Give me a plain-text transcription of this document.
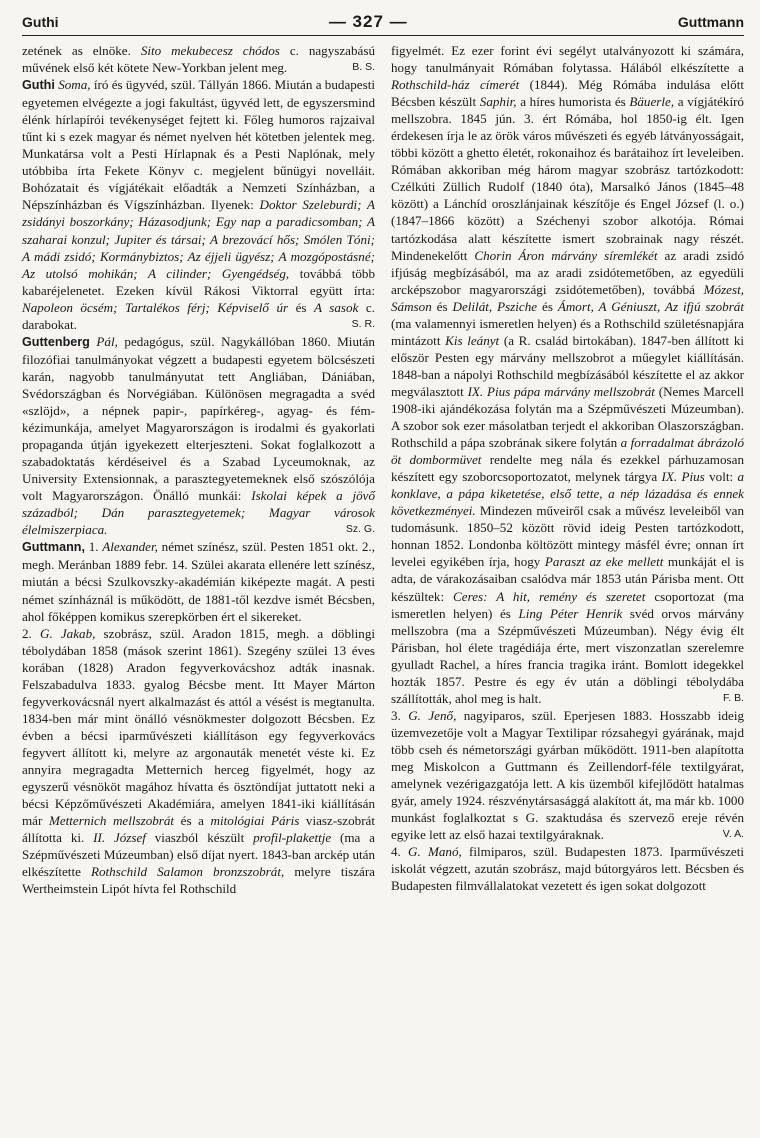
Guthi	— 327 —	Guttmann

zetének as elnöke. Sito mekubecesz chódos c. nagyszabású művének első két kötete New-Yorkban jelent meg.	B. S.

Guthi Soma, író és ügyvéd, szül. Tállyán 1866. Miután a budapesti egyetemen elvégezte a jogi fakultást, ügyvéd lett, de egyszersmind élénk hírlapírói tevékenységet fejtett ki. Főleg humoros rajzaival tűnt ki s ezek magyar és német nyelven hét kötetben jelentek meg. Munkatársa volt a Pesti Hírlapnak és a Pesti Naplónak, mely utóbbiba írta Fekete Könyv c. megjelent bűnügyi novelláit. Bohózatait és vígjátékait előadták a Nemzeti Színházban, a Népszínházban és Vígszínházban. Ilyenek: Doktor Szeleburdi; A zsidányi boszorkány; Házasodjunk; Egy nap a paradicsomban; A szaharai konzul; Jupiter és társai; A brezovácí hős; Smólen Tóni; A mádi zsidó; Kormánybiztos; Az éjjeli ügyész; A mozgópostásné; Az utolsó mohikán; A cilinder; Gyengédség, továbbá több kabaréjelenetet. Ezeken kívül Rákosi Viktorral együtt írta: Napoleon öcsém; Tartalékos férj; Képviselő úr és A sasok c. darabokat.	S. R.

Guttenberg Pál, pedagógus, szül. Nagykállóban 1860. Miután filozófiai tanulmányokat végzett a budapesti egyetem bölcsészeti karán, nagyobb tanulmányutat tett Angliában, Dániában, Svédországban és Norvégiában. Különösen megragadta a svéd «szlöjd», a népnek papir-, papírkéreg-, agyag- és fém-kézimunkája, amelyet Magyarországon is irodalmi és gyakorlati propaganda útján igyekezett elterjeszteni. Sokat foglalkozott a szabadoktatás kérdéseivel és a Szabad Lyceumoknak, az University Extensionnak, a parasztegyetemeknek első szószólója volt Magyarországon. Önálló munkái: Iskolai képek a jövő századból; Dán parasztegyetemek; Magyar városok élelmiszerpiaca.	Sz. G.

Guttmann, 1. Alexander, német színész, szül. Pesten 1851 okt. 2., megh. Meránban 1889 febr. 14. Szülei akarata ellenére lett színész, miután a bécsi Szulkovszky-akadémián kiképezte magát. A pesti német színháznál is működött, de 1881-től kezdve ismét Bécsben, ahol főképpen komikus szerepkörben ért el sikereket.

2. G. Jakab, szobrász, szül. Aradon 1815, megh. a döblingi tébolydában 1858 (mások szerint 1861). Szegény szülei 13 éves korában (1828) Aradon fegyverkovácshoz adták inasnak. Felszabadulva 1833. gyalog Bécsbe ment. Itt Mayer Márton fegyverkovácsnál nyert alkalmazást és attól a vésést is megtanulta. 1834-ben már mint önálló vésnökmester dolgozott Bécsben. Ez évben a bécsi iparművészeti kiállításon egy fegyverkovács fegyvert állított ki, melyre az argonauták menetét véste ki. Ez annyira megragadta Metternich herceg figyelmét, hogy az egyszerű vésnököt magához hívatta és ösztöndíjat juttatott neki a bécsi Képzőművészeti Akadémiára, amelyen 1841-iki kiállításán már Metternich mellszobrát és a mitológiai Páris viasz-szobrát állította ki. II. József viaszból készült profil-plakettje (ma a Szépművészeti Múzeumban) első díjat nyert. 1843-ban arckép után elkészítette Rothschild Salamon bronzszobrát, melyre tiszára Wertheimstein Lipót hívta fel Rothschild

figyelmét. Ez ezer forint évi segélyt utalványozott ki számára, hogy tanulmányait Rómában folytassa. Hálából elkészítette a Rothschild-ház címerét (1844). Még Rómába indulása előtt Bécsben készült Saphir, a híres humorista és Bäuerle, a vígjátékíró mellszobra. 1845 jún. 3. ért Rómába, hol 1850-ig élt. Igen érdekesen írja le az örök város művészeti és egyéb látványosságait, többi között a ghetto életét, rokonaihoz és barátaihoz írt leveleiben. Rómában akkoriban még három magyar szobrász tartózkodott: Czélkúti Züllich Rudolf (1840 óta), Marsalkó János (1845–48 között) a Lánchíd oroszlánjainak készítője és Engel József (l. o.) (1847–1866 között) a Széchenyi szobor alkotója. Római tartózkodása alatt készítette ismert szobrainak nagy részét. Mindenekelőtt Chorin Áron márvány síremlékét az aradi zsidó ifjúság megbízásából, ma az aradi zsidótemetőben, az egyedüli arcképszobor magyarországi zsidótemetőben), továbbá Mózest, Sámson és Delilát, Psziche és Ámort, A Géniuszt, Az ifjú szobrát (ma valamennyi ismeretlen helyen) és a Rothschild születésnapjára mintázott Kis leányt (a R. család birtokában). 1847-ben állított ki először Pesten egy márvány mellszobrot a műegylet kiállításán. 1848-ban a nápolyi Rothschild megbízásából készítette el az akkor megválasztott IX. Pius pápa márvány mellszobrát (Nemes Marcell 1908-iki ajándékozása folytán ma a Szépművészeti Múzeumban). A szobor sok ezer másolatban terjedt el akkoriban Olaszországban. Rothschild a pápa szobrának sikere folytán a forradalmat ábrázoló öt dombormüvet rendelte meg nála és ezekkel párhuzamosan készített egy szoborcsoportozatot, melynek tárgya IX. Pius volt: a konklave, a pápa kiketetése, első tette, a nép lázadása és ennek következményei. Mindezen műveiről csak a művész leveleiből van tudomásunk. 1850–52 között rövid ideig Pesten tartózkodott, honnan 1852. Londonba költözött mintegy másfél évre; onnan írt levelei egyikében írja, hogy Paraszt az eke mellett munkáját el is adta, de várakozásaiban csalódva már 1853 után Párisba ment. Ott készültek: Ceres: A hit, remény és szeretet csoportozat (ma ismeretlen helyen) és Ling Péter Henrik svéd orvos márvány mellszobra (ma a Szépművészeti Múzeumban). Négy évig élt Párisban, hol élete tragédiája érte, mert viszonzatlan szerelemre gyulladt Rachel, a híres francia tragika iránt. Bomlott idegekkel hozták 1857. Pestre és egy év után a döblingi tébolydába szállították, ahol meg is halt.	F. B.

3. G. Jenő, nagyiparos, szül. Eperjesen 1883. Hosszabb ideig üzemvezetője volt a Magyar Textilipar rózsahegyi gyárának, majd több cseh és németországi gyárban működött. 1911-ben alapította meg Miskolcon a Guttmann és Zeillendorf-féle textilgyárat, amelynek vezérigazgatója lett. A kis üzemből kifejlődött hatalmas gyár, amely 1924. részvénytársasággá alakított át, ma már kb. 1000 munkást foglalkoztat s G. szaktudása és szervező ereje révén egyike lett az első hazai textilgyáraknak.	V. A.

4. G. Manó, filmiparos, szül. Budapesten 1873. Iparművészeti iskolát végzett, azután szobrász, majd bútorgyáros lett. Bécsben és Budapesten filmvállalatokat vezetett és igen sokat dolgozott
